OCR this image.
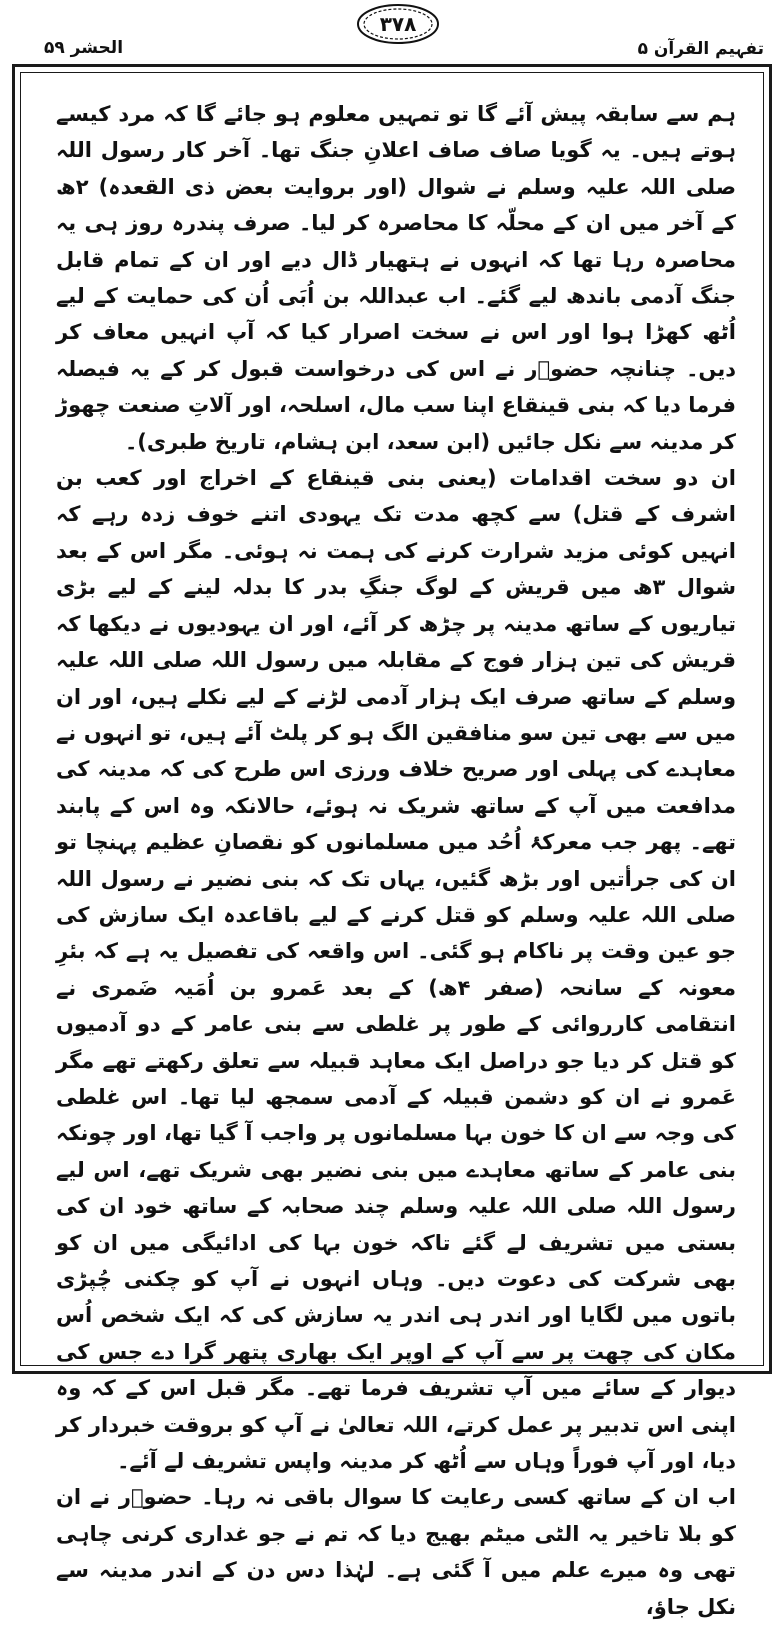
تفہیم القرآن ۵
۳۷۸
الحشر ۵۹

ہم سے سابقہ پیش آئے گا تو تمہیں معلوم ہو جائے گا کہ مرد کیسے ہوتے ہیں۔ یہ گویا صاف صاف اعلانِ جنگ تھا۔ آخر کار رسول اللہ صلی اللہ علیہ وسلم نے شوال (اور بروایت بعض ذی القعدہ) ۲ھ کے آخر میں ان کے محلّہ کا محاصرہ کر لیا۔ صرف پندرہ روز ہی یہ محاصرہ رہا تھا کہ انہوں نے ہتھیار ڈال دیے اور ان کے تمام قابل جنگ آدمی باندھ لیے گئے۔ اب عبداللہ بن اُبَی اُن کی حمایت کے لیے اُٹھ کھڑا ہوا اور اس نے سخت اصرار کیا کہ آپ انہیں معاف کر دیں۔ چنانچہ حضوؐر نے اس کی درخواست قبول کر کے یہ فیصلہ فرما دیا کہ بنی قینقاع اپنا سب مال، اسلحہ، اور آلاتِ صنعت چھوڑ کر مدینہ سے نکل جائیں (ابن سعد، ابن ہشام، تاریخ طبری)۔

ان دو سخت اقدامات (یعنی بنی قینقاع کے اخراج اور کعب بن اشرف کے قتل) سے کچھ مدت تک یہودی اتنے خوف زدہ رہے کہ انہیں کوئی مزید شرارت کرنے کی ہمت نہ ہوئی۔ مگر اس کے بعد شوال ۳ھ میں قریش کے لوگ جنگِ بدر کا بدلہ لینے کے لیے بڑی تیاریوں کے ساتھ مدینہ پر چڑھ کر آئے، اور ان یہودیوں نے دیکھا کہ قریش کی تین ہزار فوج کے مقابلہ میں رسول اللہ صلی اللہ علیہ وسلم کے ساتھ صرف ایک ہزار آدمی لڑنے کے لیے نکلے ہیں، اور ان میں سے بھی تین سو منافقین الگ ہو کر پلٹ آئے ہیں، تو انہوں نے معاہدے کی پہلی اور صریح خلاف ورزی اس طرح کی کہ مدینہ کی مدافعت میں آپ کے ساتھ شریک نہ ہوئے، حالانکہ وہ اس کے پابند تھے۔ پھر جب معرکۂ اُحُد میں مسلمانوں کو نقصانِ عظیم پہنچا تو ان کی جرأتیں اور بڑھ گئیں، یہاں تک کہ بنی نضیر نے رسول اللہ صلی اللہ علیہ وسلم کو قتل کرنے کے لیے باقاعدہ ایک سازش کی جو عین وقت پر ناکام ہو گئی۔ اس واقعہ کی تفصیل یہ ہے کہ بئرِ معونہ کے سانحہ (صفر ۴ھ) کے بعد عَمرو بن اُمَیہ ضَمری نے انتقامی کارروائی کے طور پر غلطی سے بنی عامر کے دو آدمیوں کو قتل کر دیا جو دراصل ایک معاہد قبیلہ سے تعلق رکھتے تھے مگر عَمرو نے ان کو دشمن قبیلہ کے آدمی سمجھ لیا تھا۔ اس غلطی کی وجہ سے ان کا خون بہا مسلمانوں پر واجب آ گیا تھا، اور چونکہ بنی عامر کے ساتھ معاہدے میں بنی نضیر بھی شریک تھے، اس لیے رسول اللہ صلی اللہ علیہ وسلم چند صحابہ کے ساتھ خود ان کی بستی میں تشریف لے گئے تاکہ خون بہا کی ادائیگی میں ان کو بھی شرکت کی دعوت دیں۔ وہاں انہوں نے آپ کو چکنی چُپڑی باتوں میں لگایا اور اندر ہی اندر یہ سازش کی کہ ایک شخص اُس مکان کی چھت پر سے آپ کے اوپر ایک بھاری پتھر گرا دے جس کی دیوار کے سائے میں آپ تشریف فرما تھے۔ مگر قبل اس کے کہ وہ اپنی اس تدبیر پر عمل کرتے، اللہ تعالیٰ نے آپ کو بروقت خبردار کر دیا، اور آپ فوراً وہاں سے اُٹھ کر مدینہ واپس تشریف لے آئے۔

اب ان کے ساتھ کسی رعایت کا سوال باقی نہ رہا۔ حضوؐر نے ان کو بلا تاخیر یہ الٹی میٹم بھیج دیا کہ تم نے جو غداری کرنی چاہی تھی وہ میرے علم میں آ گئی ہے۔ لہٰذا دس دن کے اندر مدینہ سے نکل جاؤ،
